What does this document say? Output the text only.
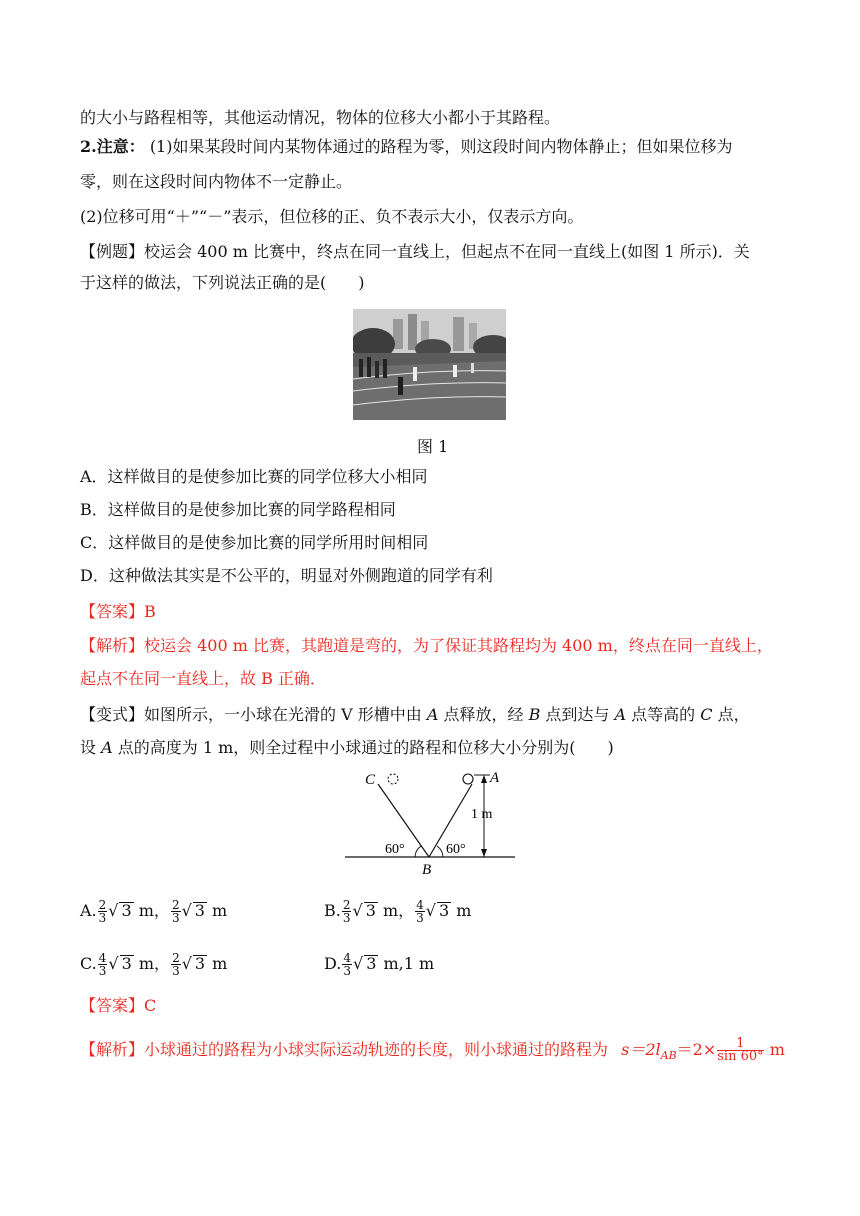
的大小与路程相等，其他运动情况，物体的位移大小都小于其路程。
2.注意： (1)如果某段时间内某物体通过的路程为零，则这段时间内物体静止；但如果位移为
零，则在这段时间内物体不一定静止。
(2)位移可用“＋”“－”表示，但位移的正、负不表示大小，仅表示方向。
【例题】校运会 400 m 比赛中，终点在同一直线上，但起点不在同一直线上(如图 1 所示)．关
于这样的做法，下列说法正确的是(　　)
图 1
A．这样做目的是使参加比赛的同学位移大小相同
B．这样做目的是使参加比赛的同学路程相同
C．这样做目的是使参加比赛的同学所用时间相同
D．这种做法其实是不公平的，明显对外侧跑道的同学有利
【答案】B
【解析】校运会 400 m 比赛，其跑道是弯的，为了保证其路程均为 400 m，终点在同一直线上，
起点不在同一直线上，故 B 正确．
【变式】如图所示，一小球在光滑的 V 形槽中由 A 点释放，经 B 点到达与 A 点等高的 C 点，
设 A 点的高度为 1 m，则全过程中小球通过的路程和位移大小分别为(　　)
C	A
B
1 m
60°	60°
A. $\frac{2}{3}$ √ 3 m， $\frac{2}{3}$ √ 3 m	B. $\frac{2}{3}$ √ 3 m， $\frac{4}{3}$ √ 3 m
C. $\frac{4}{3}$ √ 3 m， $\frac{2}{3}$ √ 3 m	D. $\frac{4}{3}$ √ 3 m,1 m
【答案】C
【解析】小球通过的路程为小球实际运动轨迹的长度，则小球通过的路程为 $s=2l_{AB}=2\times \frac{1}{\sin 60^\circ}$ m
